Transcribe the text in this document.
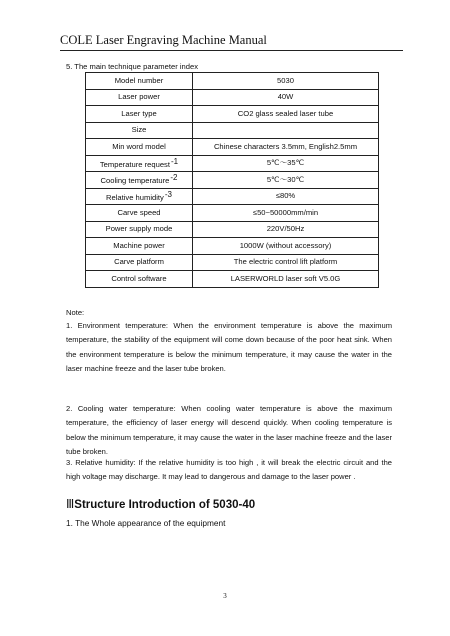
COLE Laser Engraving Machine Manual
5. The main technique parameter index
Model number	5030
Laser power	40W
Laser type	CO2 glass sealed laser tube
Size	
Min word model	Chinese characters 3.5mm, English2.5mm
Temperature request-1	5℃～35℃
Cooling temperature-2	5℃～30℃
Relative humidity-3	≤80%
Carve speed	≤50~50000mm/min
Power supply mode	220V/50Hz
Machine power	1000W (without accessory)
Carve platform	The electric control lift platform
Control software	LASERWORLD laser soft V5.0G
Note:
1. Environment temperature: When the environment temperature is above the maximum temperature, the stability of the equipment will come down because of the poor heat sink. When the environment temperature is below the minimum temperature, it may cause the water in the laser machine freeze and the laser tube broken.
2. Cooling water temperature: When cooling water temperature is above the maximum temperature, the efficiency of laser energy will descend quickly. When cooling temperature is below the minimum temperature, it may cause the water in the laser machine freeze and the laser tube broken.
3. Relative humidity: If the relative humidity is too high , it will break the electric circuit and the high voltage may discharge. It may lead to dangerous and damage to the laser power .
ⅢStructure Introduction of 5030-40
1. The Whole appearance of the equipment
3
